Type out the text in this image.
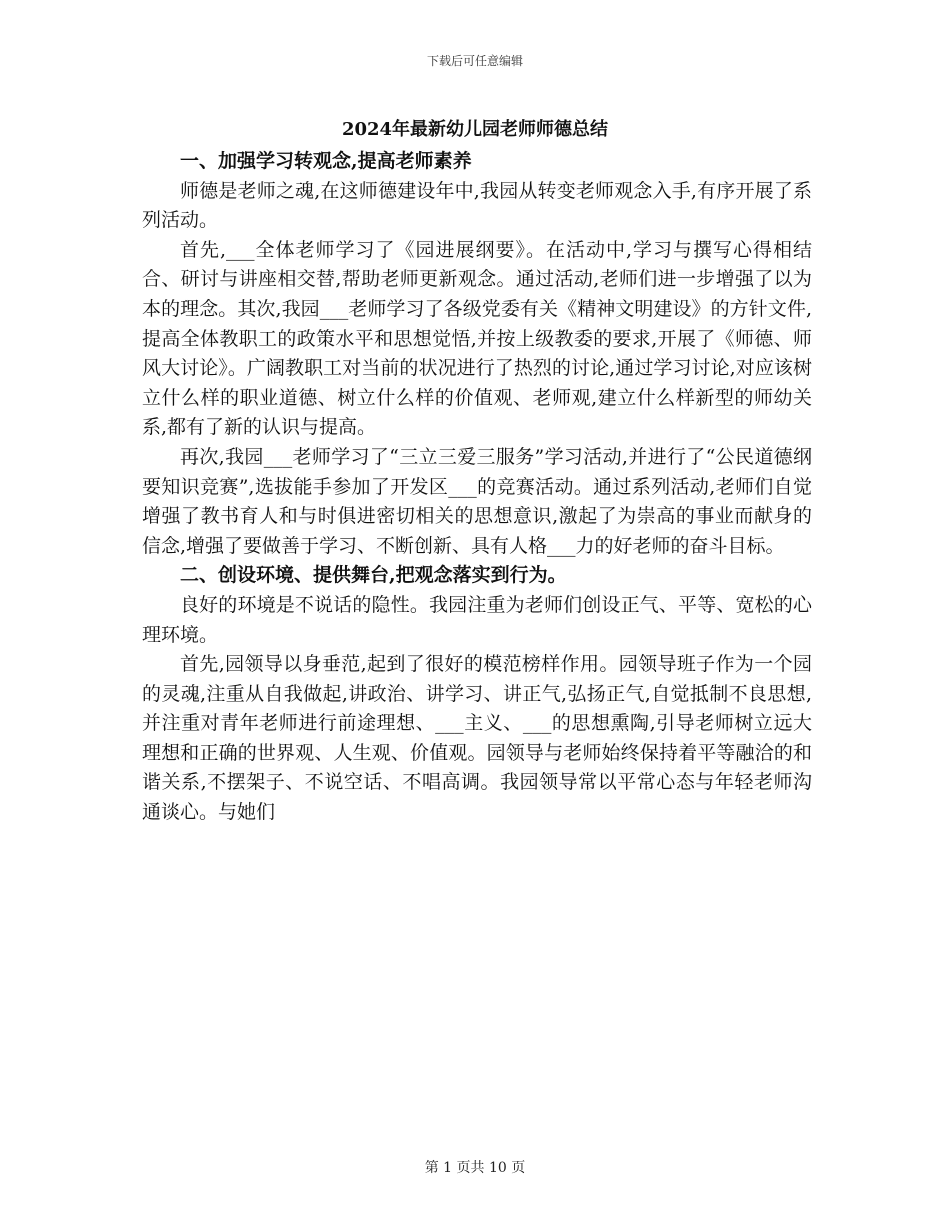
下载后可任意编辑
2024年最新幼儿园老师师德总结

一、加强学习转观念,提高老师素养

师德是老师之魂,在这师德建设年中,我园从转变老师观念入手,有序开展了系列活动。

首先,___全体老师学习了《园进展纲要》。在活动中,学习与撰写心得相结合、研讨与讲座相交替,帮助老师更新观念。通过活动,老师们进一步增强了以为本的理念。其次,我园___老师学习了各级党委有关《精神文明建设》的方针文件,提高全体教职工的政策水平和思想觉悟,并按上级教委的要求,开展了《师德、师风大讨论》。广阔教职工对当前的状况进行了热烈的讨论,通过学习讨论,对应该树立什么样的职业道德、树立什么样的价值观、老师观,建立什么样新型的师幼关系,都有了新的认识与提高。

再次,我园___老师学习了“三立三爱三服务”学习活动,并进行了“公民道德纲要知识竞赛”,选拔能手参加了开发区___的竞赛活动。通过系列活动,老师们自觉增强了教书育人和与时俱进密切相关的思想意识,激起了为崇高的事业而献身的信念,增强了要做善于学习、不断创新、具有人格___力的好老师的奋斗目标。

二、创设环境、提供舞台,把观念落实到行为。

良好的环境是不说话的隐性。我园注重为老师们创设正气、平等、宽松的心理环境。

首先,园领导以身垂范,起到了很好的模范榜样作用。园领导班子作为一个园的灵魂,注重从自我做起,讲政治、讲学习、讲正气,弘扬正气,自觉抵制不良思想,并注重对青年老师进行前途理想、___主义、___的思想熏陶,引导老师树立远大理想和正确的世界观、人生观、价值观。园领导与老师始终保持着平等融洽的和谐关系,不摆架子、不说空话、不唱高调。我园领导常以平常心态与年轻老师沟通谈心。与她们

第 1 页共 10 页
